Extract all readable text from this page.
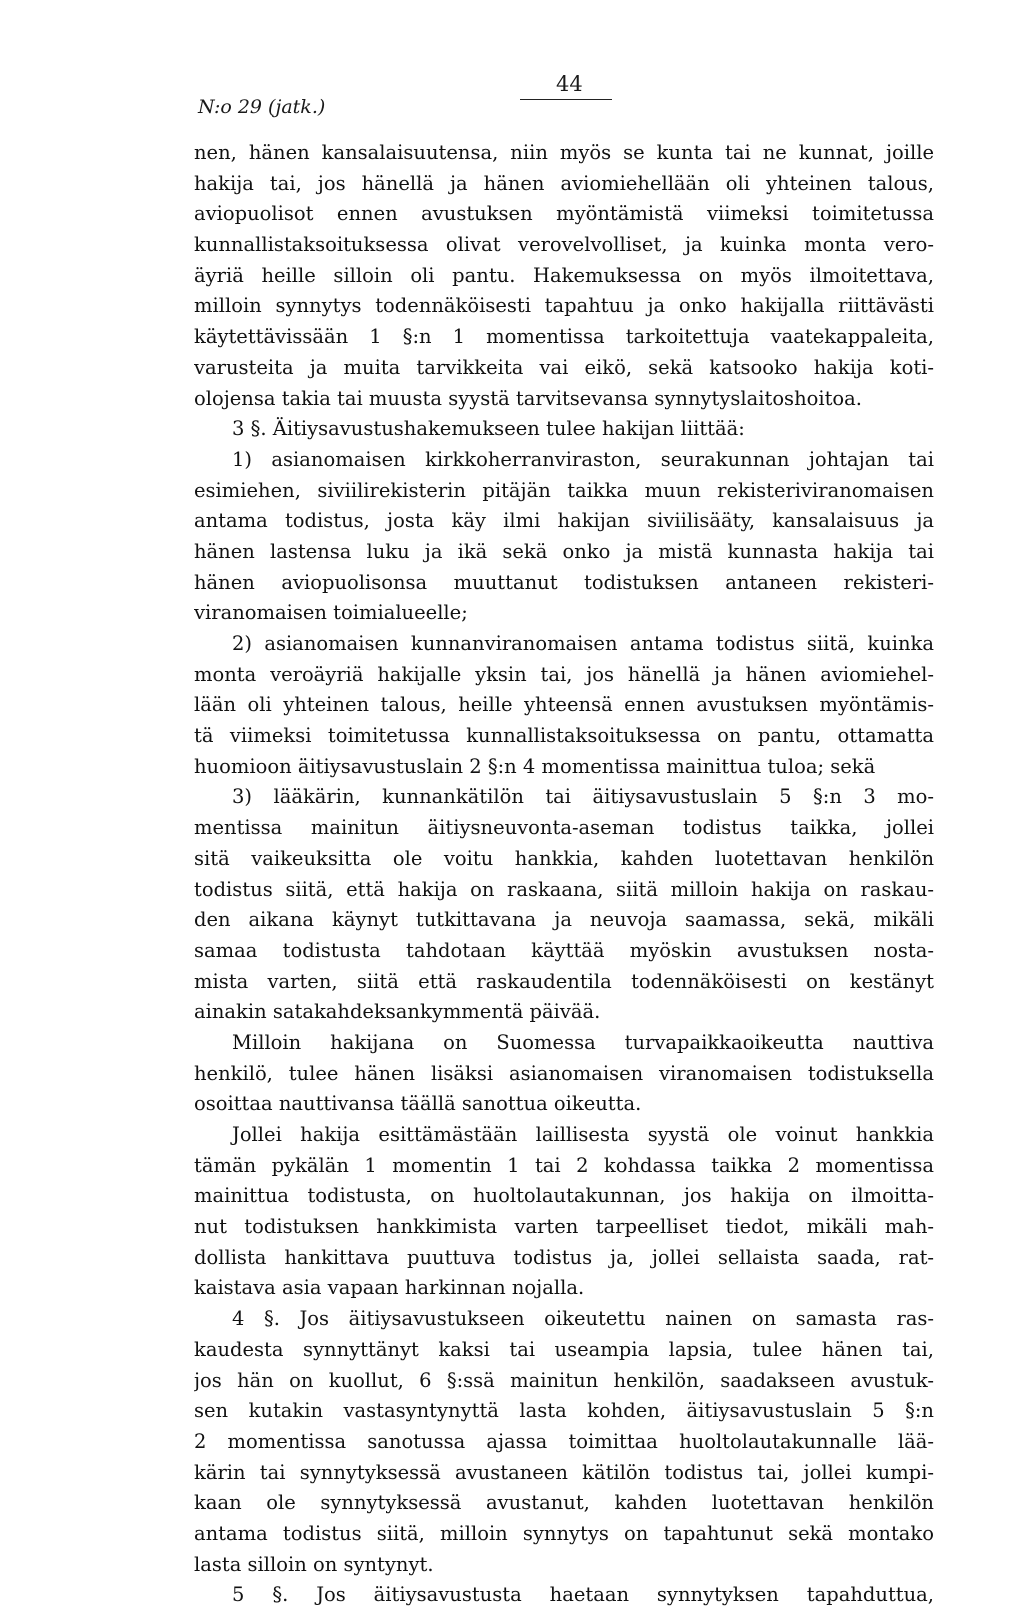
N:o 29 (jatk.)
44
nen, hänen kansalaisuutensa, niin myös se kunta tai ne kunnat, joille
hakija tai, jos hänellä ja hänen aviomiehellään oli yhteinen talous,
aviopuolisot ennen avustuksen myöntämistä viimeksi toimitetussa
kunnallistaksoituksessa olivat verovelvolliset, ja kuinka monta vero-
äyriä heille silloin oli pantu. Hakemuksessa on myös ilmoitettava,
milloin synnytys todennäköisesti tapahtuu ja onko hakijalla riittävästi
käytettävissään 1 §:n 1 momentissa tarkoitettuja vaatekappaleita,
varusteita ja muita tarvikkeita vai eikö, sekä katsooko hakija koti-
olojensa takia tai muusta syystä tarvitsevansa synnytyslaitoshoitoa.
3 §. Äitiysavustushakemukseen tulee hakijan liittää:
1) asianomaisen kirkkoherranviraston, seurakunnan johtajan tai
esimiehen, siviilirekisterin pitäjän taikka muun rekisteriviranomaisen
antama todistus, josta käy ilmi hakijan siviilisääty, kansalaisuus ja
hänen lastensa luku ja ikä sekä onko ja mistä kunnasta hakija tai
hänen aviopuolisonsa muuttanut todistuksen antaneen rekisteri-
viranomaisen toimialueelle;
2) asianomaisen kunnanviranomaisen antama todistus siitä, kuinka
monta veroäyriä hakijalle yksin tai, jos hänellä ja hänen aviomiehel-
lään oli yhteinen talous, heille yhteensä ennen avustuksen myöntämis-
tä viimeksi toimitetussa kunnallistaksoituksessa on pantu, ottamatta
huomioon äitiysavustuslain 2 §:n 4 momentissa mainittua tuloa; sekä
3) lääkärin, kunnankätilön tai äitiysavustuslain 5 §:n 3 mo-
mentissa mainitun äitiysneuvonta-aseman todistus taikka, jollei
sitä vaikeuksitta ole voitu hankkia, kahden luotettavan henkilön
todistus siitä, että hakija on raskaana, siitä milloin hakija on raskau-
den aikana käynyt tutkittavana ja neuvoja saamassa, sekä, mikäli
samaa todistusta tahdotaan käyttää myöskin avustuksen nosta-
mista varten, siitä että raskaudentila todennäköisesti on kestänyt
ainakin satakahdeksankymmentä päivää.
Milloin hakijana on Suomessa turvapaikkaoikeutta nauttiva
henkilö, tulee hänen lisäksi asianomaisen viranomaisen todistuksella
osoittaa nauttivansa täällä sanottua oikeutta.
Jollei hakija esittämästään laillisesta syystä ole voinut hankkia
tämän pykälän 1 momentin 1 tai 2 kohdassa taikka 2 momentissa
mainittua todistusta, on huoltolautakunnan, jos hakija on ilmoitta-
nut todistuksen hankkimista varten tarpeelliset tiedot, mikäli mah-
dollista hankittava puuttuva todistus ja, jollei sellaista saada, rat-
kaistava asia vapaan harkinnan nojalla.
4 §. Jos äitiysavustukseen oikeutettu nainen on samasta ras-
kaudesta synnyttänyt kaksi tai useampia lapsia, tulee hänen tai,
jos hän on kuollut, 6 §:ssä mainitun henkilön, saadakseen avustuk-
sen kutakin vastasyntynyttä lasta kohden, äitiysavustuslain 5 §:n
2 momentissa sanotussa ajassa toimittaa huoltolautakunnalle lää-
kärin tai synnytyksessä avustaneen kätilön todistus tai, jollei kumpi-
kaan ole synnytyksessä avustanut, kahden luotettavan henkilön
antama todistus siitä, milloin synnytys on tapahtunut sekä montako
lasta silloin on syntynyt.
5 §. Jos äitiysavustusta haetaan synnytyksen tapahduttua,
